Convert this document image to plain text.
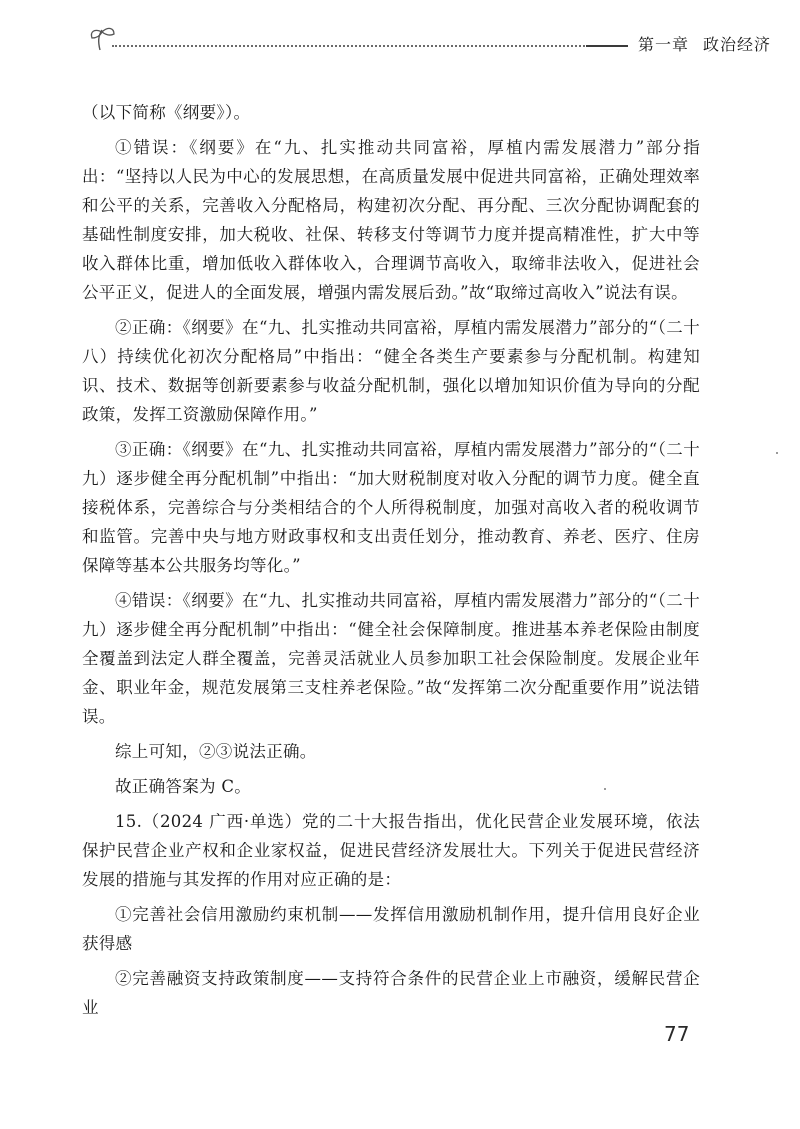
第一章 政治经济

（以下简称《纲要》）。

①错误：《纲要》在“九、扎实推动共同富裕，厚植内需发展潜力”部分指出：“坚持以人民为中心的发展思想，在高质量发展中促进共同富裕，正确处理效率和公平的关系，完善收入分配格局，构建初次分配、再分配、三次分配协调配套的基础性制度安排，加大税收、社保、转移支付等调节力度并提高精准性，扩大中等收入群体比重，增加低收入群体收入，合理调节高收入，取缔非法收入，促进社会公平正义，促进人的全面发展，增强内需发展后劲。”故“取缔过高收入”说法有误。

②正确：《纲要》在“九、扎实推动共同富裕，厚植内需发展潜力”部分的“（二十八）持续优化初次分配格局”中指出：“健全各类生产要素参与分配机制。构建知识、技术、数据等创新要素参与收益分配机制，强化以增加知识价值为导向的分配政策，发挥工资激励保障作用。”

③正确：《纲要》在“九、扎实推动共同富裕，厚植内需发展潜力”部分的“（二十九）逐步健全再分配机制”中指出：“加大财税制度对收入分配的调节力度。健全直接税体系，完善综合与分类相结合的个人所得税制度，加强对高收入者的税收调节和监管。完善中央与地方财政事权和支出责任划分，推动教育、养老、医疗、住房保障等基本公共服务均等化。”

④错误：《纲要》在“九、扎实推动共同富裕，厚植内需发展潜力”部分的“（二十九）逐步健全再分配机制”中指出：“健全社会保障制度。推进基本养老保险由制度全覆盖到法定人群全覆盖，完善灵活就业人员参加职工社会保险制度。发展企业年金、职业年金，规范发展第三支柱养老保险。”故“发挥第二次分配重要作用”说法错误。

综上可知，②③说法正确。

故正确答案为 C。

15.（2024 广西·单选）党的二十大报告指出，优化民营企业发展环境，依法保护民营企业产权和企业家权益，促进民营经济发展壮大。下列关于促进民营经济发展的措施与其发挥的作用对应正确的是：

①完善社会信用激励约束机制——发挥信用激励机制作用，提升信用良好企业获得感

②完善融资支持政策制度——支持符合条件的民营企业上市融资，缓解民营企业

77
